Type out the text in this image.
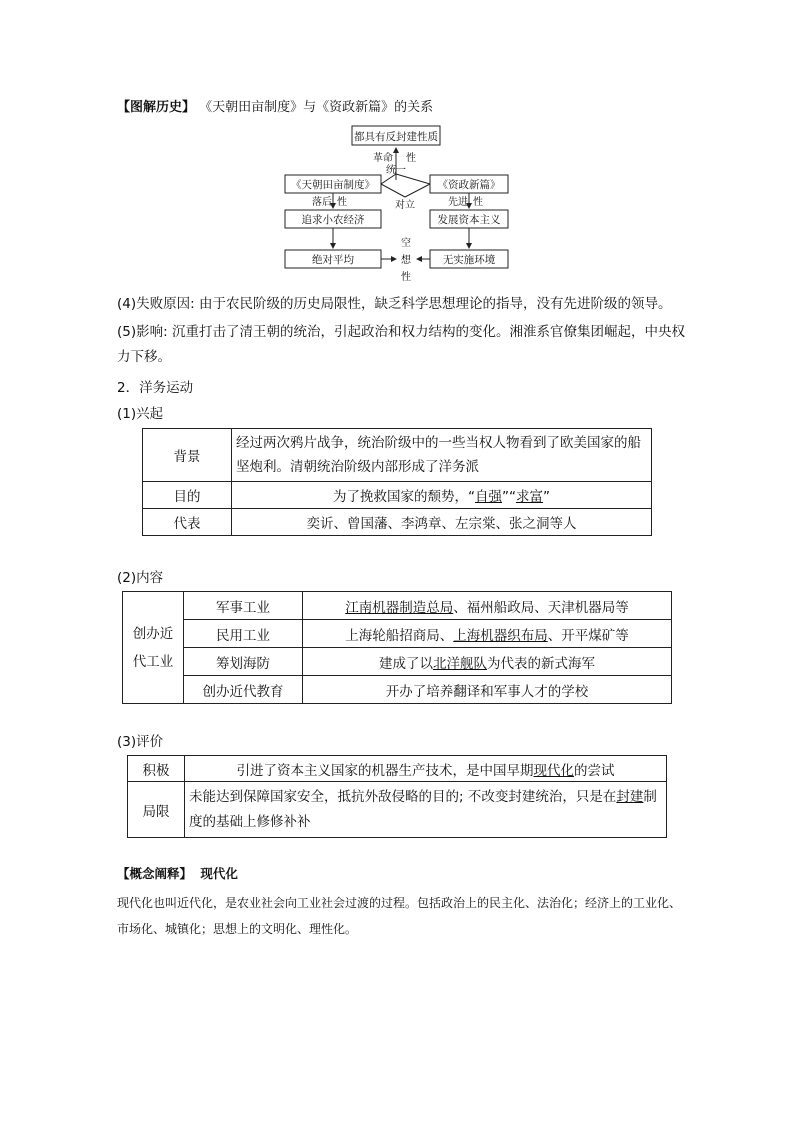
【图解历史】 《天朝田亩制度》与《资政新篇》的关系
都具有反封建性质
《天朝田亩制度》	《资政新篇》
追求小农经济	发展资本主义
绝对平均	无实施环境
革命 性
统一
对立
落后 性	先进 性
空
想
性
(4)失败原因: 由于农民阶级的历史局限性，缺乏科学思想理论的指导，没有先进阶级的领导。
(5)影响: 沉重打击了清王朝的统治，引起政治和权力结构的变化。湘淮系官僚集团崛起，中央权力下移。
2．洋务运动
(1)兴起
背景	经过两次鸦片战争，统治阶级中的一些当权人物看到了欧美国家的船坚炮利。清朝统治阶级内部形成了洋务派
目的	为了挽救国家的颓势，“自强”“求富”
代表	奕䜣、曾国藩、李鸿章、左宗棠、张之洞等人
(2)内容
创办近代工业	军事工业	江南机器制造总局、福州船政局、天津机器局等
	民用工业	上海轮船招商局、上海机器织布局、开平煤矿等
	筹划海防	建成了以北洋舰队为代表的新式海军
	创办近代教育	开办了培养翻译和军事人才的学校
(3)评价
积极	引进了资本主义国家的机器生产技术，是中国早期现代化的尝试
局限	未能达到保障国家安全，抵抗外敌侵略的目的; 不改变封建统治，只是在封建制度的基础上修修补补
【概念阐释】 现代化
现代化也叫近代化，是农业社会向工业社会过渡的过程。包括政治上的民主化、法治化；经济上的工业化、市场化、城镇化；思想上的文明化、理性化。
